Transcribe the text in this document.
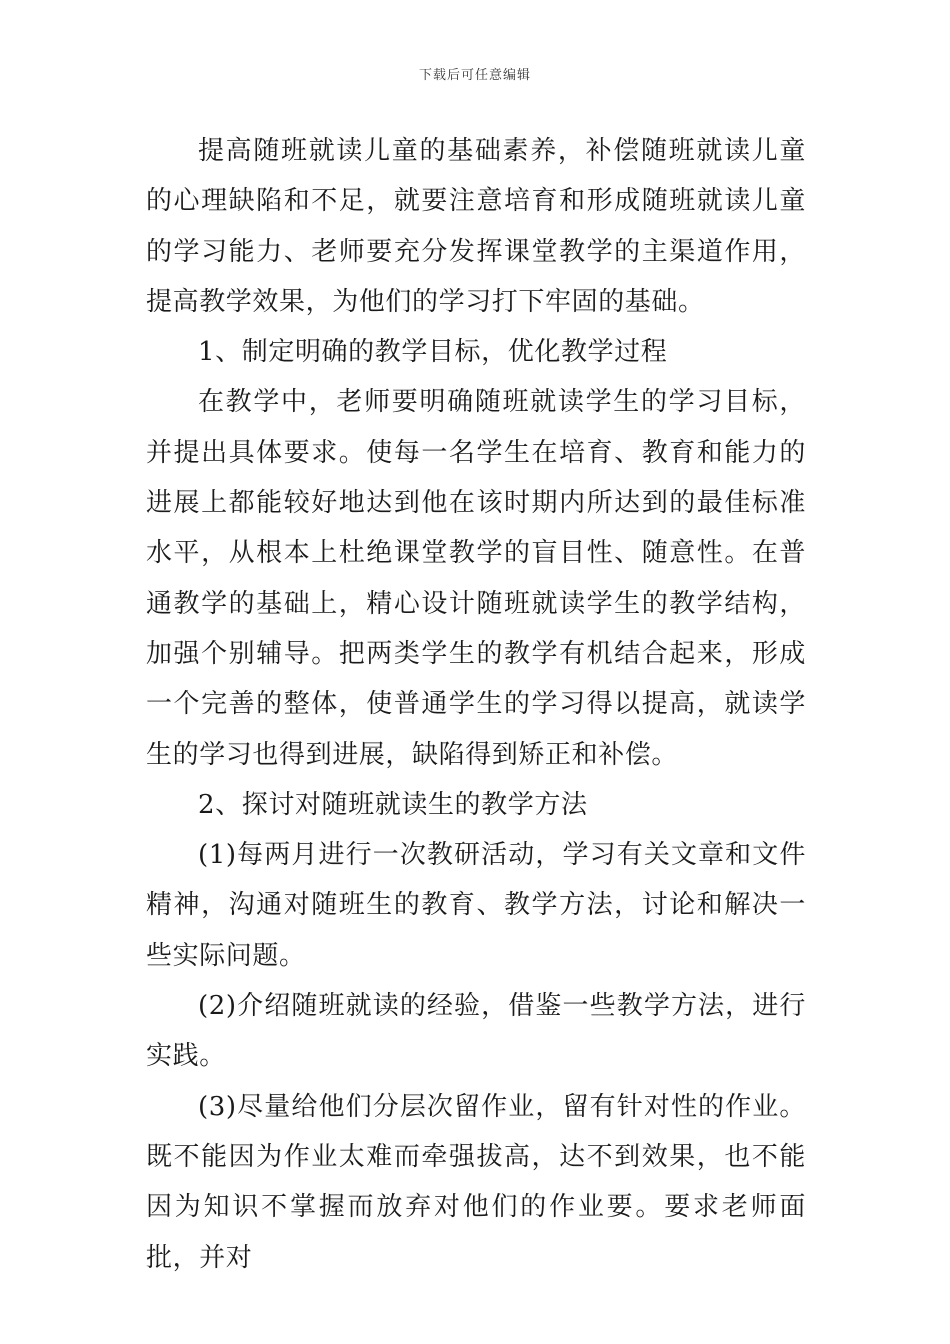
下载后可任意编辑

提高随班就读儿童的基础素养，补偿随班就读儿童的心理缺陷和不足，就要注意培育和形成随班就读儿童的学习能力、老师要充分发挥课堂教学的主渠道作用，提高教学效果，为他们的学习打下牢固的基础。

1、制定明确的教学目标，优化教学过程

在教学中，老师要明确随班就读学生的学习目标，并提出具体要求。使每一名学生在培育、教育和能力的进展上都能较好地达到他在该时期内所达到的最佳标准水平，从根本上杜绝课堂教学的盲目性、随意性。在普通教学的基础上，精心设计随班就读学生的教学结构，加强个别辅导。把两类学生的教学有机结合起来，形成一个完善的整体，使普通学生的学习得以提高，就读学生的学习也得到进展，缺陷得到矫正和补偿。

2、探讨对随班就读生的教学方法

(1)每两月进行一次教研活动，学习有关文章和文件精神，沟通对随班生的教育、教学方法，讨论和解决一些实际问题。

(2)介绍随班就读的经验，借鉴一些教学方法，进行实践。

(3)尽量给他们分层次留作业，留有针对性的作业。既不能因为作业太难而牵强拔高，达不到效果，也不能因为知识不掌握而放弃对他们的作业要。要求老师面批，并对
